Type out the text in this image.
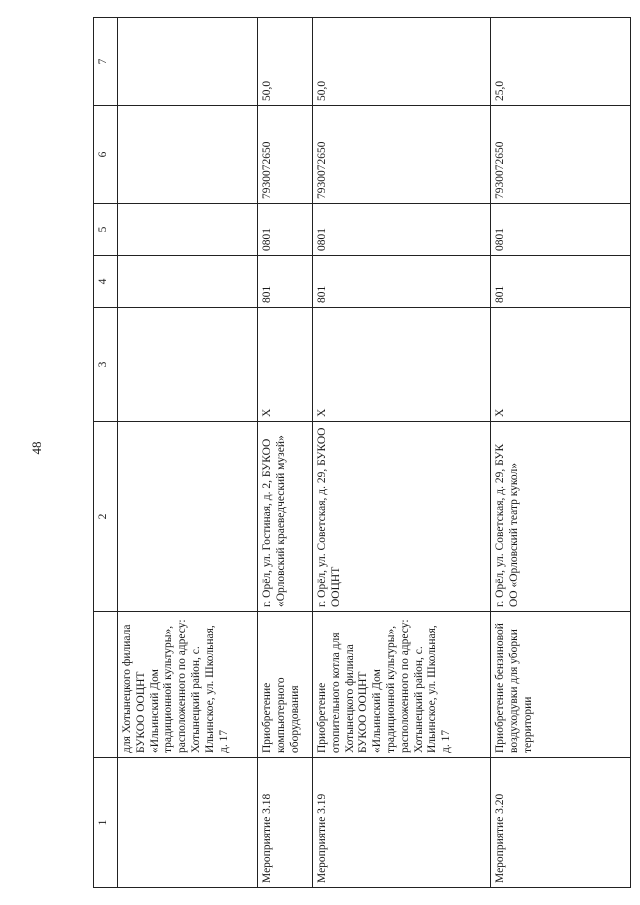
48
1		2	3	4	5	6	7
	для Хотынецкого филиала БУКОО ООЦНТ «Ильинский Дом традиционной культуры», расположенного по адресу: Хотынецкий район, с. Ильинское, ул. Школьная, д. 17						
Мероприятие 3.18	Приобретение компьютерного оборудования	г. Орёл, ул. Гостиная, д. 2, БУКОО «Орловский краеведческий музей»	Х	801	0801	7930072650	50,0
Мероприятие 3.19	Приобретение отопительного котла для Хотынецкого филиала БУКОО ООЦНТ «Ильинский Дом традиционной культуры», расположенного по адресу: Хотынецкий район, с. Ильинское, ул. Школьная, д. 17	г. Орёл, ул. Советская, д. 29, БУКОО ООЦНТ	Х	801	0801	7930072650	50,0
Мероприятие 3.20	Приобретение бензиновой воздуходувки для уборки территории	г. Орёл, ул. Советская, д. 29, БУК ОО «Орловский театр кукол»	Х	801	0801	7930072650	25,0
